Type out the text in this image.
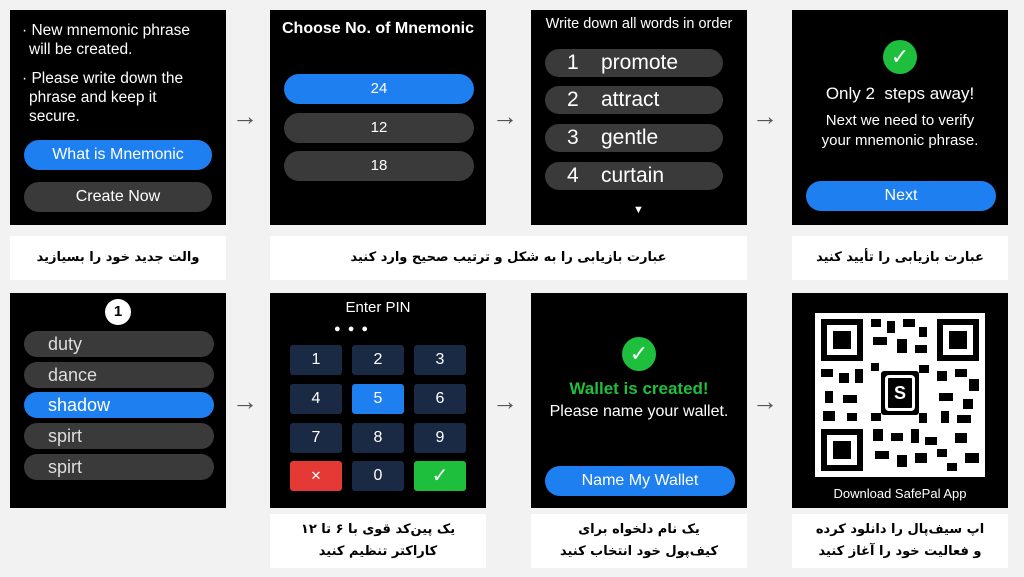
· New mnemonic phrase
will be created.
· Please write down the
phrase and keep it
secure.
What is Mnemonic
Create Now
→
Choose No. of Mnemonic
24
12
18
→
Write down all words in order
1 promote
2 attract
3 gentle
4 curtain
▼
→
✓
Only 2  steps away!
Next we need to verify
your mnemonic phrase.
Next
والت جدید خود را بسیازید	عبارت بازیابی را به شکل و ترتیب صحیح وارد کنید	عبارت بازیابی را تأیید کنید
1
duty
dance
shadow
spirt
spirt
→
Enter PIN
● ● ●
1	2	3
4	5	6
7	8	9
✕	0	✓
→
✓
Wallet is created!
Please name your wallet.
Name My Wallet
→	S
Download SafePal App
یک پین‌کد قوی با ۶ تا ۱۲
کاراکتر تنظیم کنید
یک نام دلخواه برای
کیف‌پول خود انتخاب کنید
اپ سیف‌پال را دانلود کرده
و فعالیت خود را آغاز کنید
